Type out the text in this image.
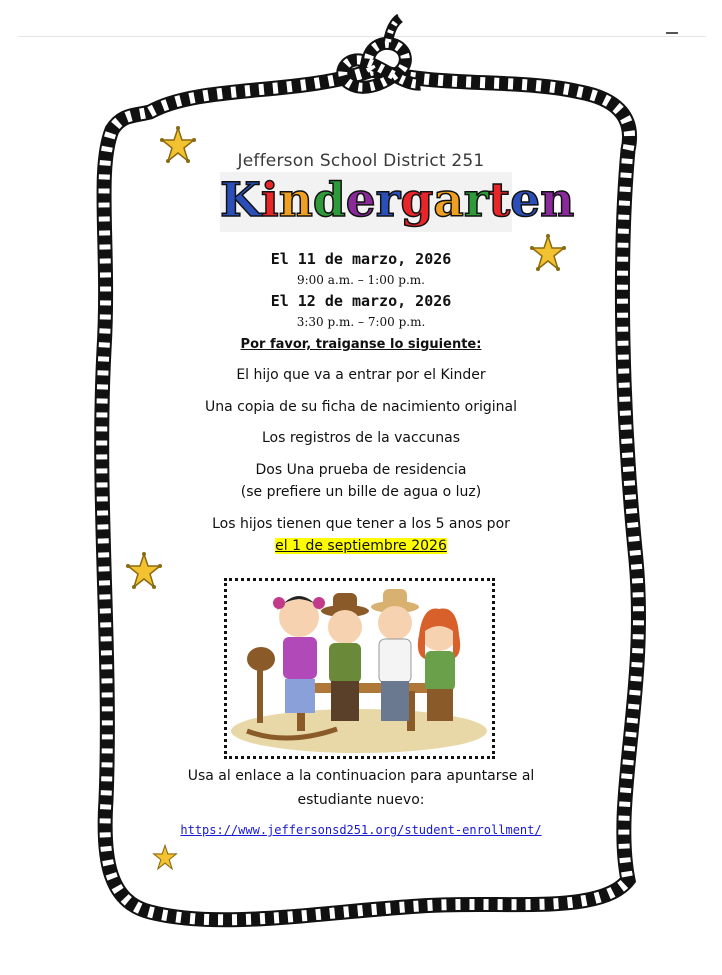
Jefferson School District 251
Kindergarten
El 11 de marzo, 2026
9:00 a.m. – 1:00 p.m.
El 12 de marzo, 2026
3:30 p.m. – 7:00 p.m.
Por favor, traiganse lo siguiente:
El hijo que va a entrar por el Kinder
Una copia de su ficha de nacimiento original
Los registros de la vaccunas
Dos Una prueba de residencia
(se prefiere un bille de agua o luz)
Los hijos tienen que tener a los 5 anos por
el 1 de septiembre 2026
Usa al enlace a la continuacion para apuntarse al
estudiante nuevo:
https://www.jeffersonsd251.org/student-enrollment/
